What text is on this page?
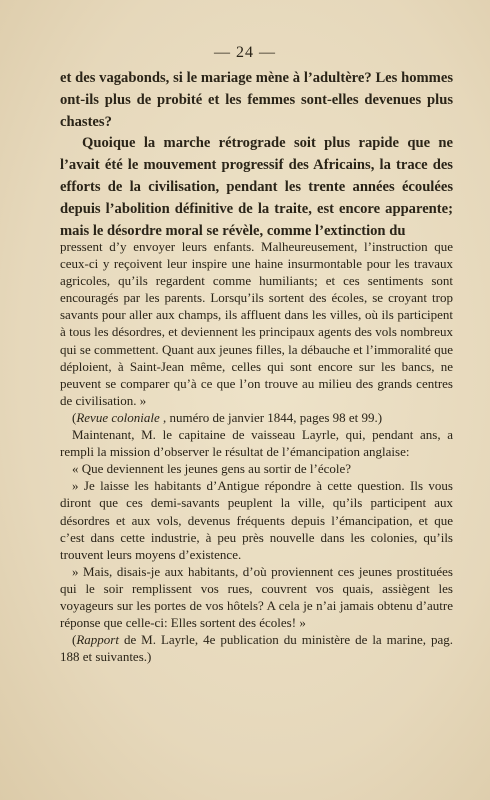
— 24 —

et des vagabonds, si le mariage mène à l’adultère? Les hommes ont-ils plus de probité et les femmes sont-elles devenues plus chastes?

Quoique la marche rétrograde soit plus rapide que ne l’avait été le mouvement progressif des Africains, la trace des efforts de la civilisation, pendant les trente années écoulées depuis l’abolition définitive de la traite, est encore apparente; mais le désordre moral se révèle, comme l’extinction du

pressent d’y envoyer leurs enfants. Malheureusement, l’instruction que ceux-ci y reçoivent leur inspire une haine insurmontable pour les travaux agricoles, qu’ils regardent comme humiliants; et ces sentiments sont encouragés par les parents. Lorsqu’ils sortent des écoles, se croyant trop savants pour aller aux champs, ils affluent dans les villes, où ils participent à tous les désordres, et deviennent les principaux agents des vols nombreux qui se commettent. Quant aux jeunes filles, la débauche et l’immoralité que déploient, à Saint-Jean même, celles qui sont encore sur les bancs, ne peuvent se comparer qu’à ce que l’on trouve au milieu des grands centres de civilisation. »

(Revue coloniale , numéro de janvier 1844, pages 98 et 99.)

Maintenant, M. le capitaine de vaisseau Layrle, qui, pendant ans, a rempli la mission d’observer le résultat de l’émancipation anglaise:

« Que deviennent les jeunes gens au sortir de l’école?

» Je laisse les habitants d’Antigue répondre à cette question. Ils vous diront que ces demi-savants peuplent la ville, qu’ils participent aux désordres et aux vols, devenus fréquents depuis l’émancipation, et que c’est dans cette industrie, à peu près nouvelle dans les colonies, qu’ils trouvent leurs moyens d’existence.

» Mais, disais-je aux habitants, d’où proviennent ces jeunes prostituées qui le soir remplissent vos rues, couvrent vos quais, assiègent les voyageurs sur les portes de vos hôtels? A cela je n’ai jamais obtenu d’autre réponse que celle-ci: Elles sortent des écoles! »

(Rapport de M. Layrle, 4e publication du ministère de la marine, pag. 188 et suivantes.)
